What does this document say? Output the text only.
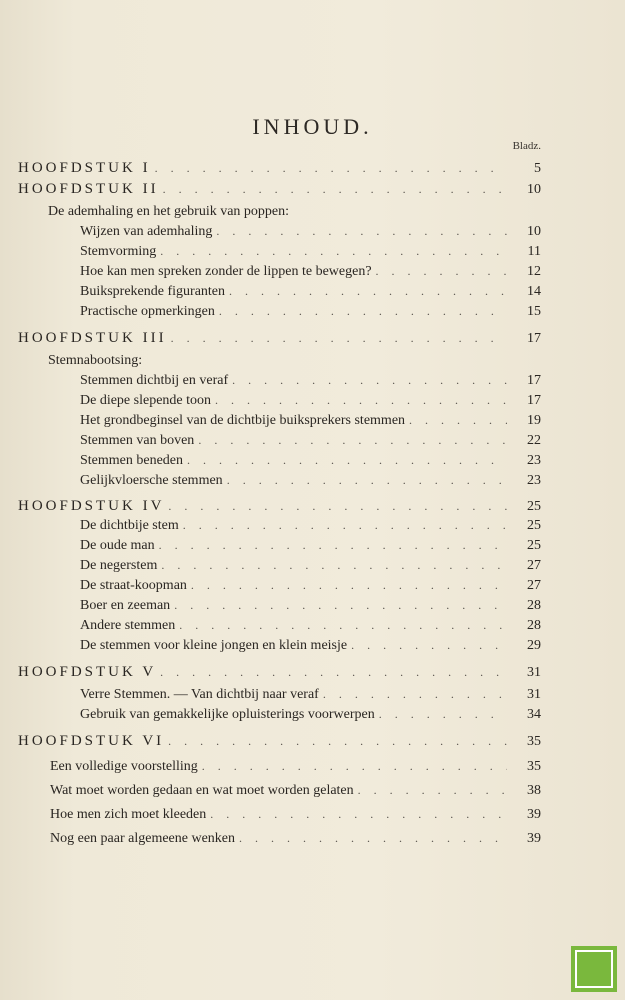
INHOUD.
Bladz.
HOOFDSTUK I . . .	5
HOOFDSTUK II . . .	10
De ademhaling en het gebruik van poppen:
Wijzen van ademhaling . . .	10
Stemvorming . . .	11
Hoe kan men spreken zonder de lippen te bewegen? . . .	12
Buiksprekende figuranten . . .	14
Practische opmerkingen . . .	15
HOOFDSTUK III . . .	17
Stemnabootsing:
Stemmen dichtbij en veraf . . .	17
De diepe slepende toon . . .	17
Het grondbeginsel van de dichtbije buiksprekers stemmen . . .	19
Stemmen van boven . . .	22
Stemmen beneden . . .	23
Gelijkvloersche stemmen . . .	23
HOOFDSTUK IV . . .	25
De dichtbije stem . . .	25
De oude man . . .	25
De negerstem . . .	27
De straat-koopman . . .	27
Boer en zeeman . . .	28
Andere stemmen . . .	28
De stemmen voor kleine jongen en klein meisje . . .	29
HOOFDSTUK V . . .	31
Verre Stemmen. — Van dichtbij naar veraf . . .	31
Gebruik van gemakkelijke opluisterings voorwerpen . . .	34
HOOFDSTUK VI . . .	35
Een volledige voorstelling . . .	35
Wat moet worden gedaan en wat moet worden gelaten . . .	38
Hoe men zich moet kleeden . . .	39
Nog een paar algemeene wenken . . .	39
